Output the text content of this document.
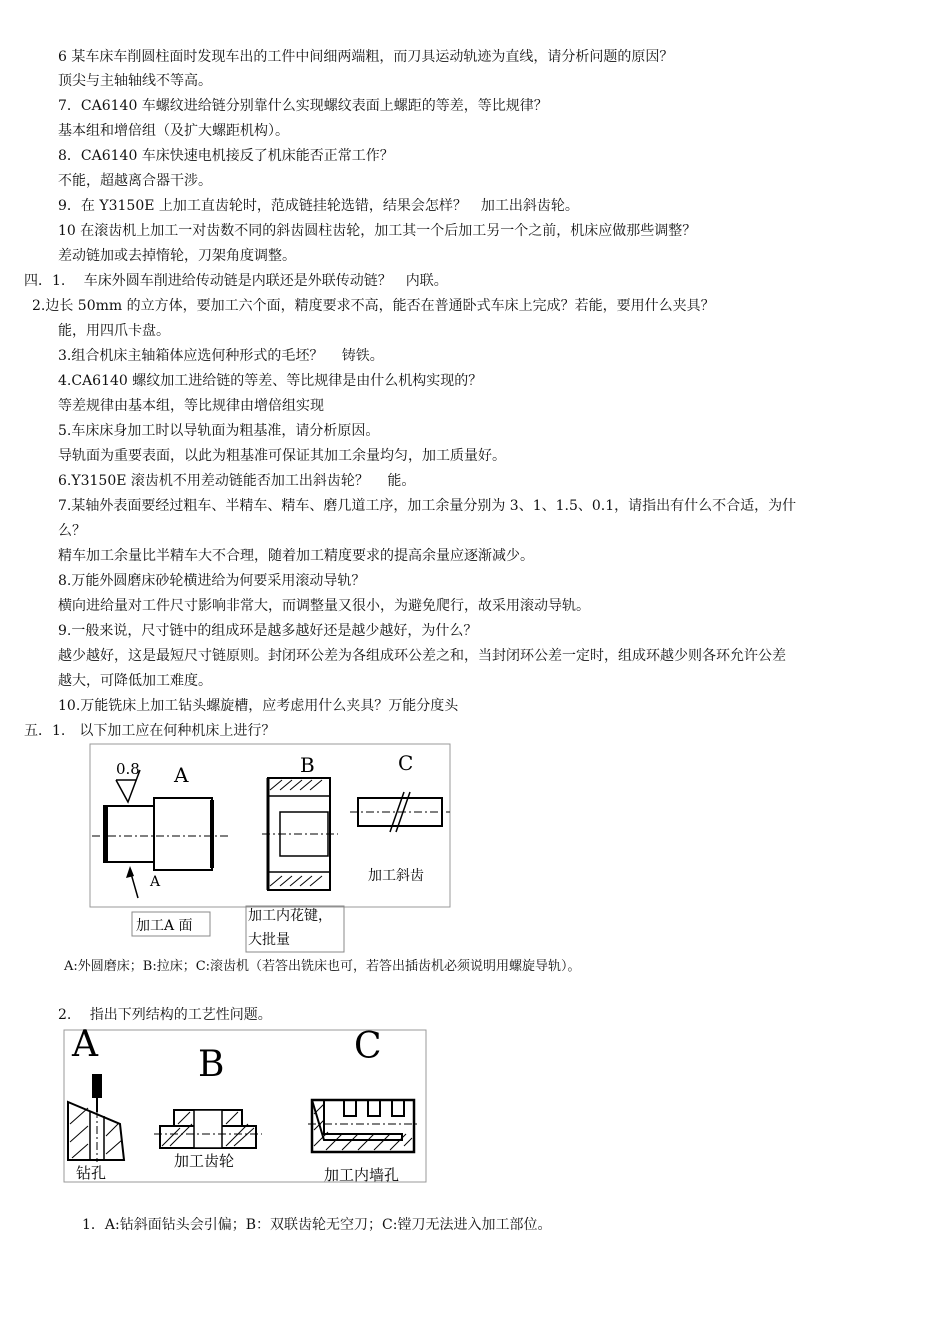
6 某车床车削圆柱面时发现车出的工件中间细两端粗，而刀具运动轨迹为直线，请分析问题的原因？
顶尖与主轴轴线不等高。
7．CA6140 车螺纹进给链分别靠什么实现螺纹表面上螺距的等差，等比规律？
基本组和增倍组（及扩大螺距机构）。
8．CA6140 车床快速电机接反了机床能否正常工作？
不能，超越离合器干涉。
9．在 Y3150E 上加工直齿轮时，范成链挂轮选错，结果会怎样？　加工出斜齿轮。
10 在滚齿机上加工一对齿数不同的斜齿圆柱齿轮，加工其一个后加工另一个之前，机床应做那些调整？
差动链加或去掉惰轮，刀架角度调整。
四．1.　 车床外圆车削进给传动链是内联还是外联传动链？　内联。
2.边长 50mm 的立方体，要加工六个面，精度要求不高，能否在普通卧式车床上完成？若能，要用什么夹具？
能，用四爪卡盘。
3.组合机床主轴箱体应选何种形式的毛坯？　 铸铁。
4.CA6140 螺纹加工进给链的等差、等比规律是由什么机构实现的？
等差规律由基本组，等比规律由增倍组实现
5.车床床身加工时以导轨面为粗基准，请分析原因。
导轨面为重要表面，以此为粗基准可保证其加工余量均匀，加工质量好。
6.Y3150E 滚齿机不用差动链能否加工出斜齿轮？　 能。
7.某轴外表面要经过粗车、半精车、精车、磨几道工序，加工余量分别为 3、1、1.5、0.1，请指出有什么不合适，为什
么？
精车加工余量比半精车大不合理，随着加工精度要求的提高余量应逐渐减少。
8.万能外圆磨床砂轮横进给为何要采用滚动导轨？
横向进给量对工件尺寸影响非常大，而调整量又很小，为避免爬行，故采用滚动导轨。
9.一般来说，尺寸链中的组成环是越多越好还是越少越好，为什么？
越少越好，这是最短尺寸链原则。封闭环公差为各组成环公差之和，当封闭环公差一定时，组成环越少则各环允许公差
越大，可降低加工难度。
10.万能铣床上加工钻头螺旋槽，应考虑用什么夹具？万能分度头
五．1.　以下加工应在何种机床上进行？
0.8 A
A
B	C
加工斜齿
加工A 面
加工内花键，
大批量
A:外圆磨床；B:拉床；C:滚齿机（若答出铣床也可，若答出插齿机必须说明用螺旋导轨）。
2.　 指出下列结构的工艺性问题。
A	B	C
钻孔
加工齿轮
加工内墙孔
1．A:钻斜面钻头会引偏；B：双联齿轮无空刀；C:镗刀无法进入加工部位。
